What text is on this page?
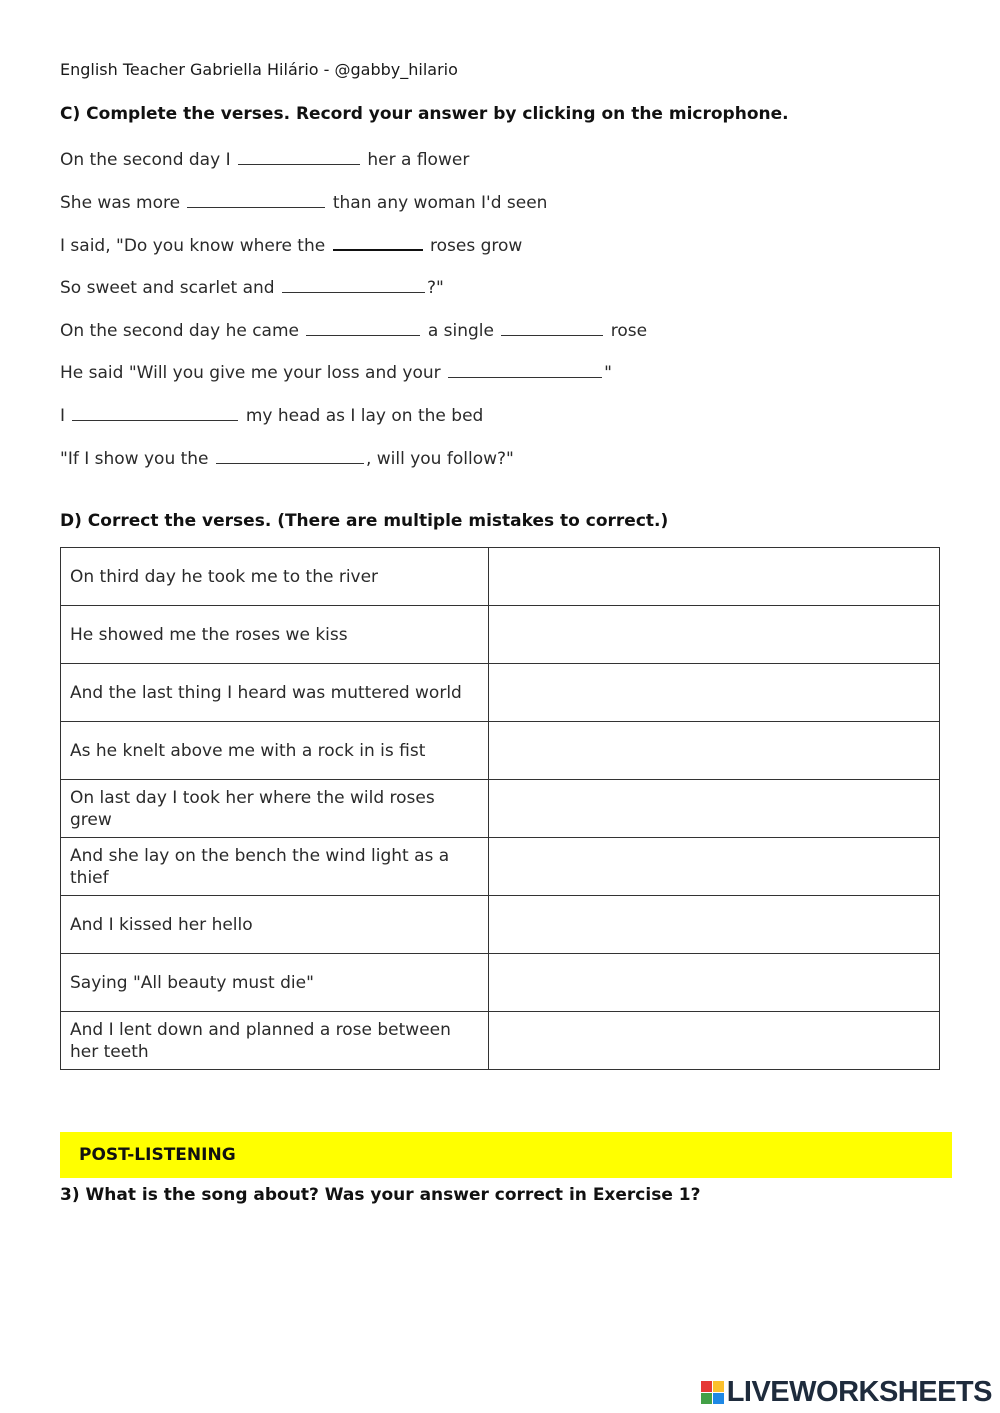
English Teacher Gabriella Hilário - @gabby_hilario
C) Complete the verses. Record your answer by clicking on the microphone.
On the second day I	her a flower
She was more	than any woman I'd seen
I said, "Do you know where the	roses grow
So sweet and scarlet and	?"
On the second day he came	a single	rose
He said "Will you give me your loss and your	"
I	my head as I lay on the bed
"If I show you the	, will you follow?"
D) Correct the verses. (There are multiple mistakes to correct.)
On third day he took me to the river	
He showed me the roses we kiss	
And the last thing I heard was muttered world	
As he knelt above me with a rock in is fist	
On last day I took her where the wild roses grew	
And she lay on the bench the wind light as a thief	
And I kissed her hello	
Saying "All beauty must die"	
And I lent down and planned a rose between her teeth	
POST-LISTENING
3) What is the song about? Was your answer correct in Exercise 1?
LIVEWORKSHEETS
